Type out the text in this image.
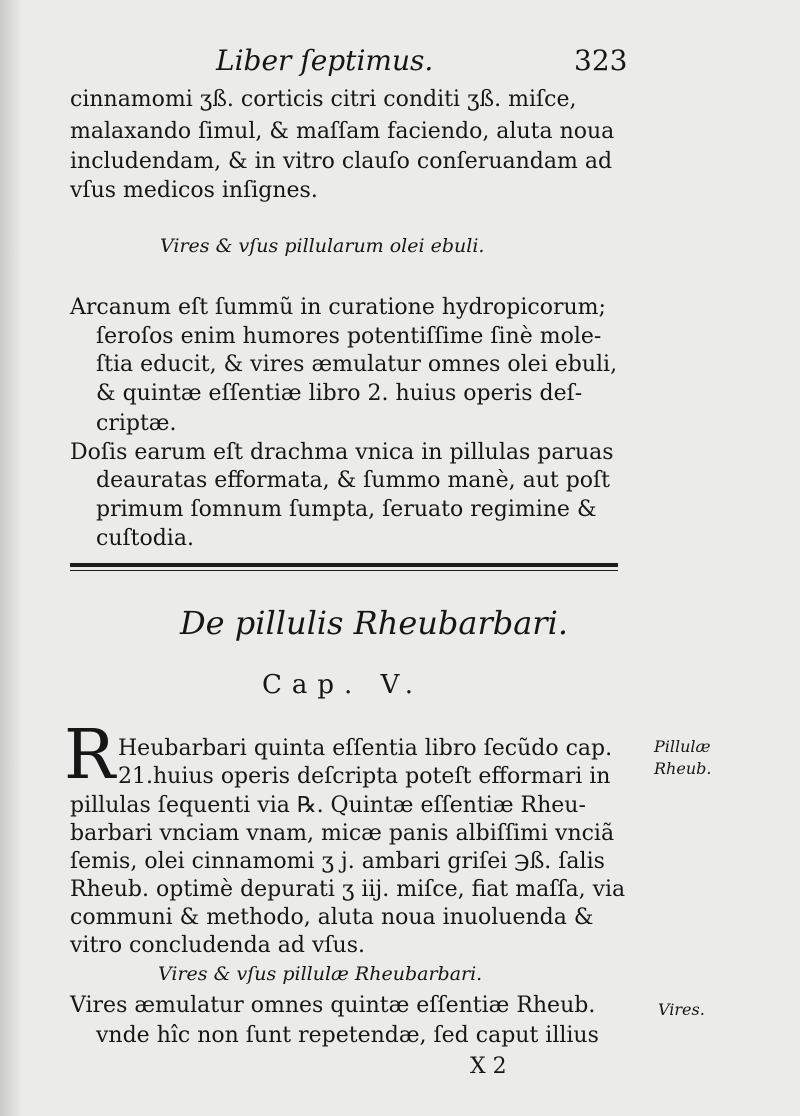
Liber ſeptimus.	323
cinnamomi ʒß. corticis citri conditi ʒß. miſce,
malaxando ſimul, & maſſam faciendo, aluta noua
includendam, & in vitro clauſo conſeruandam ad
vſus medicos inſignes.
Vires & vſus pillularum olei ebuli.
Arcanum eſt ſummũ in curatione hydropicorum;
ſeroſos enim humores potentiſſime ſinè mole-
ſtia educit, & vires æmulatur omnes olei ebuli,
& quintæ eſſentiæ libro 2. huius operis deſ-
criptæ.
Doſis earum eſt drachma vnica in pillulas paruas
deauratas efformata, & ſummo manè, aut poſt
primum ſomnum ſumpta, ſeruato regimine &
cuſtodia.
De pillulis Rheubarbari.
Cap. V.
R Heubarbari quinta eſſentia libro ſecũdo cap.
21.huius operis deſcripta poteſt efformari in
pillulas ſequenti via ℞. Quintæ eſſentiæ Rheu-
barbari vnciam vnam, micæ panis albiſſimi vnciã
ſemis, olei cinnamomi ʒ j. ambari griſei ℈ß. ſalis
Rheub. optimè depurati ʒ iij. miſce, fiat maſſa, via
communi & methodo, aluta noua inuoluenda &
vitro concludenda ad vſus.
Vires & vſus pillulæ Rheubarbari.
Vires æmulatur omnes quintæ eſſentiæ Rheub.
vnde hîc non ſunt repetendæ, ſed caput illius
X 2
Pillulæ
Rheub.
Vires.
